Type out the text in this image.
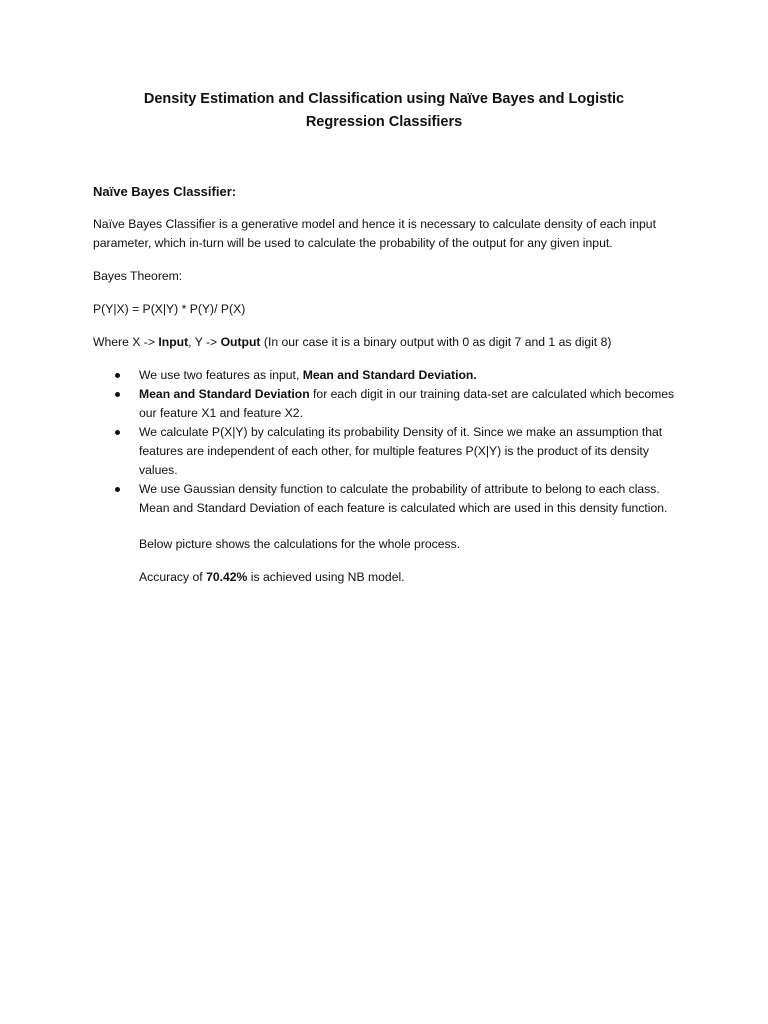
Density Estimation and Classification using Naïve Bayes and Logistic
Regression Classifiers
Naïve Bayes Classifier:

Naïve Bayes Classifier is a generative model and hence it is necessary to calculate density of each input parameter, which in-turn will be used to calculate the probability of the output for any given input.

Bayes Theorem:

P(Y|X) = P(X|Y) * P(Y)/ P(X)

Where X -> Input, Y -> Output (In our case it is a binary output with 0 as digit 7 and 1 as digit 8)

We use two features as input, Mean and Standard Deviation.
Mean and Standard Deviation for each digit in our training data-set are calculated which becomes our feature X1 and feature X2.
We calculate P(X|Y) by calculating its probability Density of it. Since we make an assumption that features are independent of each other, for multiple features P(X|Y) is the product of its density values.
We use Gaussian density function to calculate the probability of attribute to belong to each class. Mean and Standard Deviation of each feature is calculated which are used in this density function.

Below picture shows the calculations for the whole process.

Accuracy of 70.42% is achieved using NB model.
